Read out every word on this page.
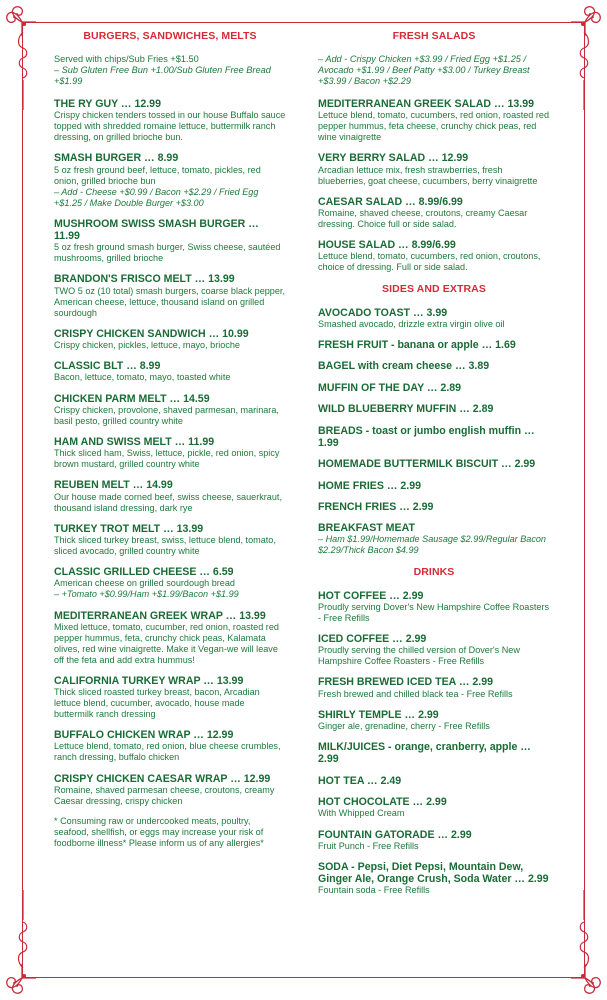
BURGERS, SANDWICHES, MELTS
Served with chips/Sub Fries +$1.50
– Sub Gluten Free Bun +1.00/Sub Gluten Free Bread +$1.99
THE RY GUY … 12.99
Crispy chicken tenders tossed in our house Buffalo sauce topped with shredded romaine lettuce, buttermilk ranch dressing, on grilled brioche bun.
SMASH BURGER … 8.99
5 oz fresh ground beef, lettuce, tomato, pickles, red onion, grilled brioche bun
– Add - Cheese +$0.99 / Bacon +$2.29 / Fried Egg +$1.25 / Make Double Burger +$3.00
MUSHROOM SWISS SMASH BURGER … 11.99
5 oz fresh ground smash burger, Swiss cheese, sautéed mushrooms, grilled brioche
BRANDON'S FRISCO MELT … 13.99
TWO 5 oz (10 total) smash burgers, coarse black pepper, American cheese, lettuce, thousand island on grilled sourdough
CRISPY CHICKEN SANDWICH … 10.99
Crispy chicken, pickles, lettuce, mayo, brioche
CLASSIC BLT … 8.99
Bacon, lettuce, tomato, mayo, toasted white
CHICKEN PARM MELT … 14.59
Crispy chicken, provolone, shaved parmesan, marinara, basil pesto, grilled country white
HAM AND SWISS MELT … 11.99
Thick sliced ham, Swiss, lettuce, pickle, red onion, spicy brown mustard, grilled country white
REUBEN MELT … 14.99
Our house made corned beef, swiss cheese, sauerkraut, thousand island dressing, dark rye
TURKEY TROT MELT … 13.99
Thick sliced turkey breast, swiss, lettuce blend, tomato, sliced avocado, grilled country white
CLASSIC GRILLED CHEESE … 6.59
American cheese on grilled sourdough bread
– +Tomato +$0.99/Ham +$1.99/Bacon +$1.99
MEDITERRANEAN GREEK WRAP … 13.99
Mixed lettuce, tomato, cucumber, red onion, roasted red pepper hummus, feta, crunchy chick peas, Kalamata olives, red wine vinaigrette. Make it Vegan-we will leave off the feta and add extra hummus!
CALIFORNIA TURKEY WRAP … 13.99
Thick sliced roasted turkey breast, bacon, Arcadian lettuce blend, cucumber, avocado, house made buttermilk ranch dressing
BUFFALO CHICKEN WRAP … 12.99
Lettuce blend, tomato, red onion, blue cheese crumbles, ranch dressing, buffalo chicken
CRISPY CHICKEN CAESAR WRAP … 12.99
Romaine, shaved parmesan cheese, croutons, creamy Caesar dressing, crispy chicken
* Consuming raw or undercooked meats, poultry, seafood, shellfish, or eggs may increase your risk of foodborne illness* Please inform us of any allergies*
FRESH SALADS
– Add - Crispy Chicken +$3.99 / Fried Egg +$1.25 / Avocado +$1.99 / Beef Patty +$3.00 / Turkey Breast +$3.99 / Bacon +$2.29
MEDITERRANEAN GREEK SALAD … 13.99
Lettuce blend, tomato, cucumbers, red onion, roasted red pepper hummus, feta cheese, crunchy chick peas, red wine vinaigrette
VERY BERRY SALAD … 12.99
Arcadian lettuce mix, fresh strawberries, fresh blueberries, goat cheese, cucumbers, berry vinaigrette
CAESAR SALAD … 8.99/6.99
Romaine, shaved cheese, croutons, creamy Caesar dressing. Choice full or side salad.
HOUSE SALAD … 8.99/6.99
Lettuce blend, tomato, cucumbers, red onion, croutons, choice of dressing. Full or side salad.
SIDES AND EXTRAS
AVOCADO TOAST … 3.99
Smashed avocado, drizzle extra virgin olive oil
FRESH FRUIT - banana or apple … 1.69
BAGEL with cream cheese … 3.89
MUFFIN OF THE DAY … 2.89
WILD BLUEBERRY MUFFIN … 2.89
BREADS - toast or jumbo english muffin … 1.99
HOMEMADE BUTTERMILK BISCUIT … 2.99
HOME FRIES … 2.99
FRENCH FRIES … 2.99
BREAKFAST MEAT
– Ham $1.99/Homemade Sausage $2.99/Regular Bacon $2.29/Thick Bacon $4.99
DRINKS
HOT COFFEE … 2.99
Proudly serving Dover's New Hampshire Coffee Roasters - Free Refills
ICED COFFEE … 2.99
Proudly serving the chilled version of Dover's New Hampshire Coffee Roasters - Free Refills
FRESH BREWED ICED TEA … 2.99
Fresh brewed and chilled black tea - Free Refills
SHIRLY TEMPLE … 2.99
Ginger ale, grenadine, cherry - Free Refills
MILK/JUICES - orange, cranberry, apple … 2.99
HOT TEA … 2.49
HOT CHOCOLATE … 2.99
With Whipped Cream
FOUNTAIN GATORADE … 2.99
Fruit Punch - Free Refills
SODA - Pepsi, Diet Pepsi, Mountain Dew, Ginger Ale, Orange Crush, Soda Water … 2.99
Fountain soda - Free Refills
